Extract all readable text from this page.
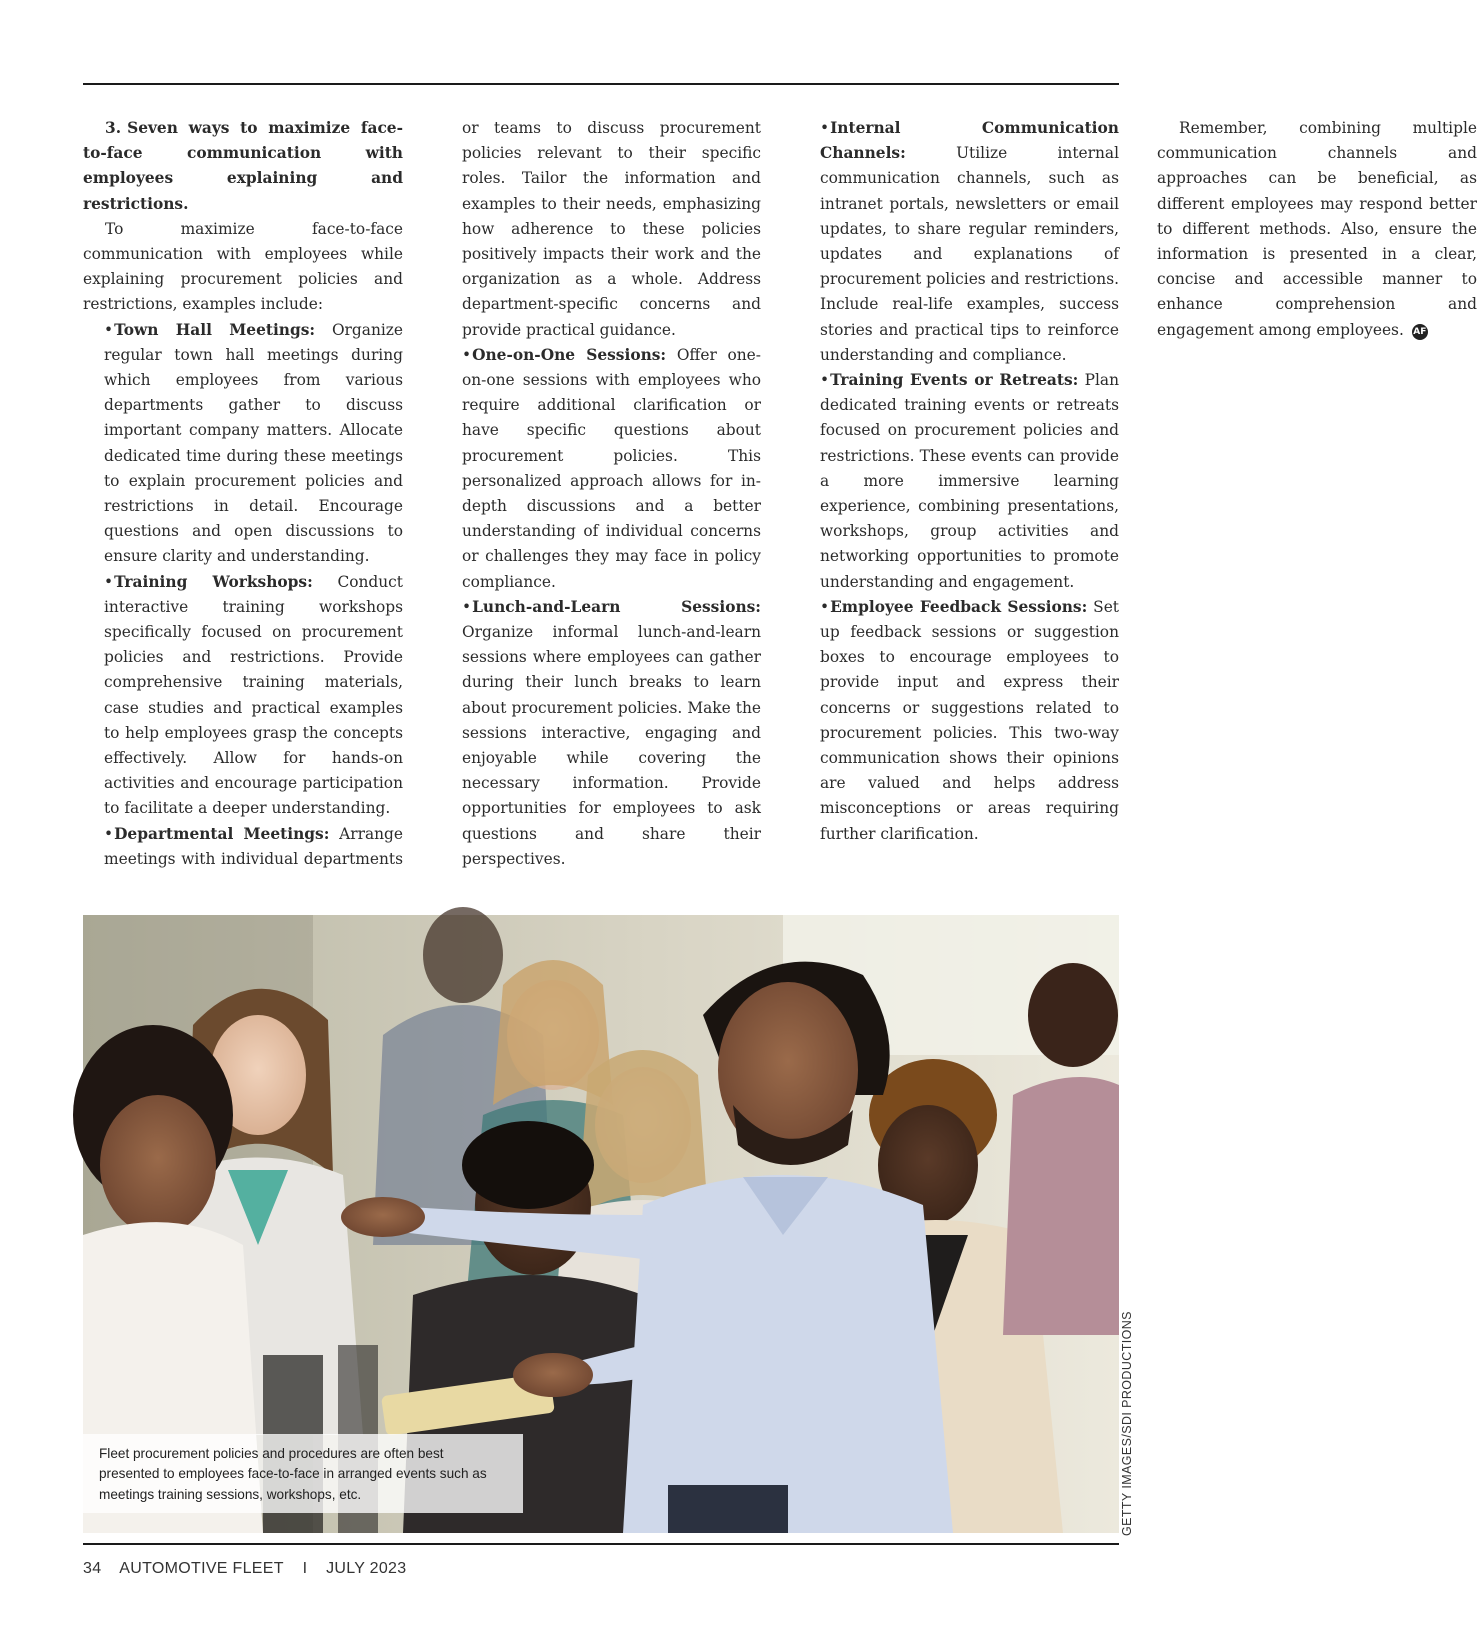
3. Seven ways to maximize face-to-face communication with employees explaining and restrictions.

To maximize face-to-face communication with employees while explaining procurement policies and restrictions, examples include:

•Town Hall Meetings: Organize regular town hall meetings during which employees from various departments gather to discuss important company matters. Allocate dedicated time during these meetings to explain procurement policies and restrictions in detail. Encourage questions and open discussions to ensure clarity and understanding.

•Training Workshops: Conduct interactive training workshops specifically focused on procurement policies and restrictions. Provide comprehensive training materials, case studies and practical examples to help employees grasp the concepts effectively. Allow for hands-on activities and encourage participation to facilitate a deeper understanding.

•Departmental Meetings: Arrange meetings with individual departments or teams to discuss procurement policies relevant to their specific roles. Tailor the information and examples to their needs, emphasizing how adherence to these policies positively impacts their work and the organization as a whole. Address department-specific concerns and provide practical guidance.

•One-on-One Sessions: Offer one-on-one sessions with employees who require additional clarification or have specific questions about procurement policies. This personalized approach allows for in-depth discussions and a better understanding of individual concerns or challenges they may face in policy compliance.

•Lunch-and-Learn Sessions: Organize informal lunch-and-learn sessions where employees can gather during their lunch breaks to learn about procurement policies. Make the sessions interactive, engaging and enjoyable while covering the necessary information. Provide opportunities for employees to ask questions and share their perspectives.

•Internal Communication Channels:	Utilize internal communication channels, such as intranet portals, newsletters or email updates, to share regular reminders, updates and explanations of procurement policies and restrictions. Include real-life examples, success stories and practical tips to reinforce understanding and compliance.

•Training Events or Retreats: Plan dedicated training events or retreats focused on procurement policies and restrictions. These events can provide a more immersive learning experience, combining presentations, workshops, group activities and networking opportunities to promote understanding and engagement.

•Employee Feedback Sessions: Set up feedback sessions or suggestion boxes to encourage employees to provide input and express their concerns or suggestions related to procurement policies. This two-way communication shows their opinions are valued and helps address misconceptions or areas requiring further clarification.

Remember, combining multiple communication channels and approaches can be beneficial, as different employees may respond better to different methods. Also, ensure the information is presented in a clear, concise and accessible manner to enhance comprehension and engagement among employees. AF

Fleet procurement policies and procedures are often best
presented to employees face-to-face in arranged events such as
meetings training sessions, workshops, etc.	GETTY IMAGES/SDI PRODUCTIONS
34 AUTOMOTIVE FLEET I JULY 2023
